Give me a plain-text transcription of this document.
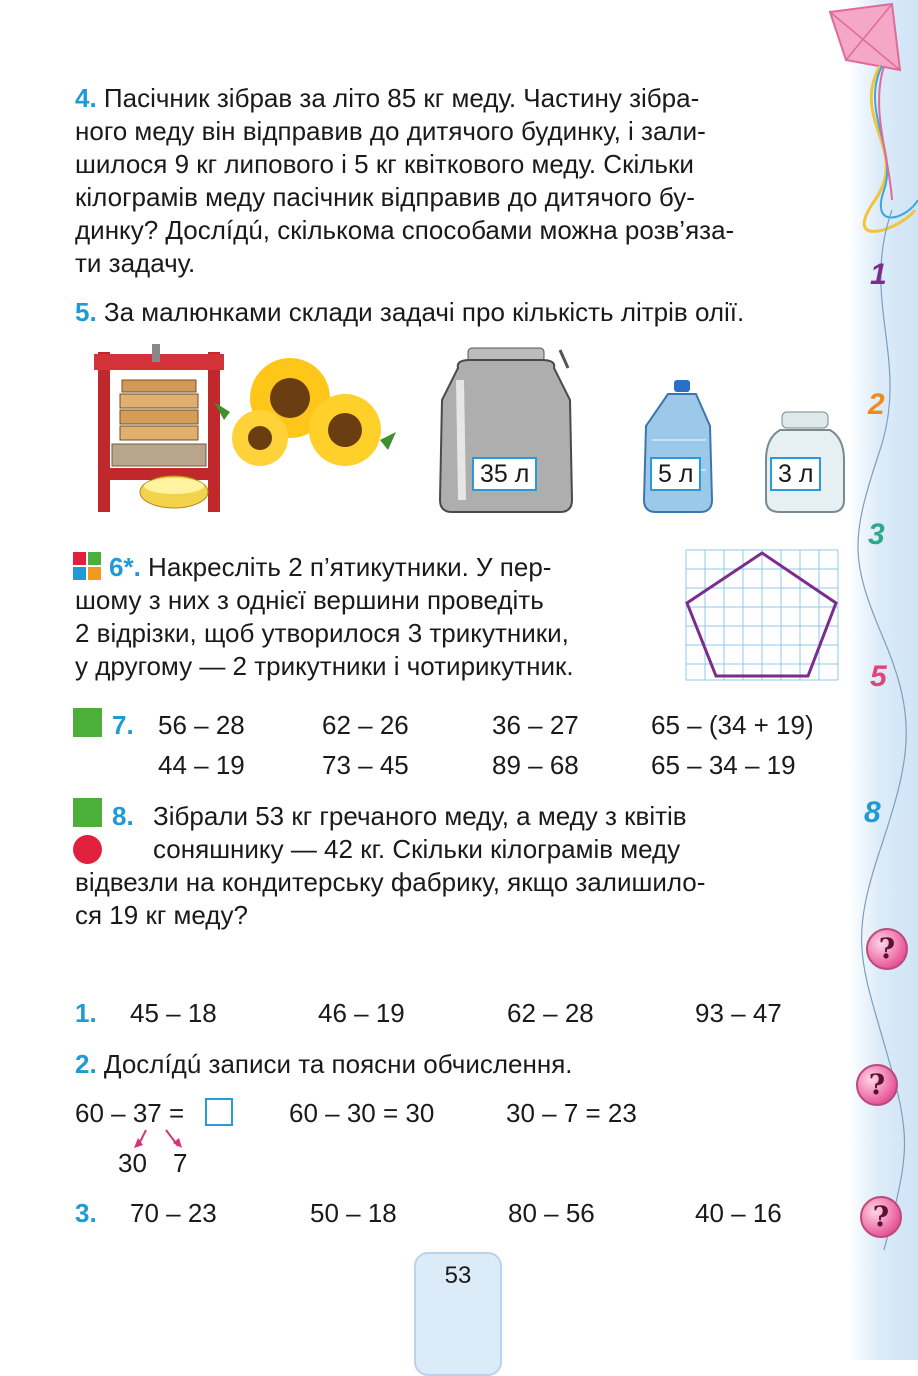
1
2
3
5
8
?
?
?
4. Пасічник зібрав за літо 85 кг меду. Частину зібра-
ного меду він відправив до дитячого будинку, і зали-
шилося 9 кг липового і 5 кг квіткового меду. Скільки
кілограмів меду пасічник відправив до дитячого бу-
динку? Дослíдú, скількома способами можна розв’яза-
ти задачу.
5. За малюнками склади задачі про кількість літрів олії.
35 л	5 л	3 л
6*. Накресліть 2 п’ятикутники. У пер-
шому з них з однієї вершини проведіть
2 відрізки, щоб утворилося 3 трикутники,
у другому — 2 трикутники і чотирикутник.
7. 56 – 28	62 – 26	36 – 27	65 – (34 + 19)
44 – 19	73 – 45	89 – 68	65 – 34 – 19
8. Зібрали 53 кг гречаного меду, а меду з квітів
соняшнику — 42 кг. Скільки кілограмів меду
відвезли на кондитерську фабрику, якщо залишило-
ся 19 кг меду?
1. 45 – 18	46 – 19	62 – 28	93 – 47
2. Дослíдú записи та поясни обчислення.
60 – 37 =	60 – 30 = 30	30 – 7 = 23
30 7
3. 70 – 23	50 – 18	80 – 56	40 – 16
53
